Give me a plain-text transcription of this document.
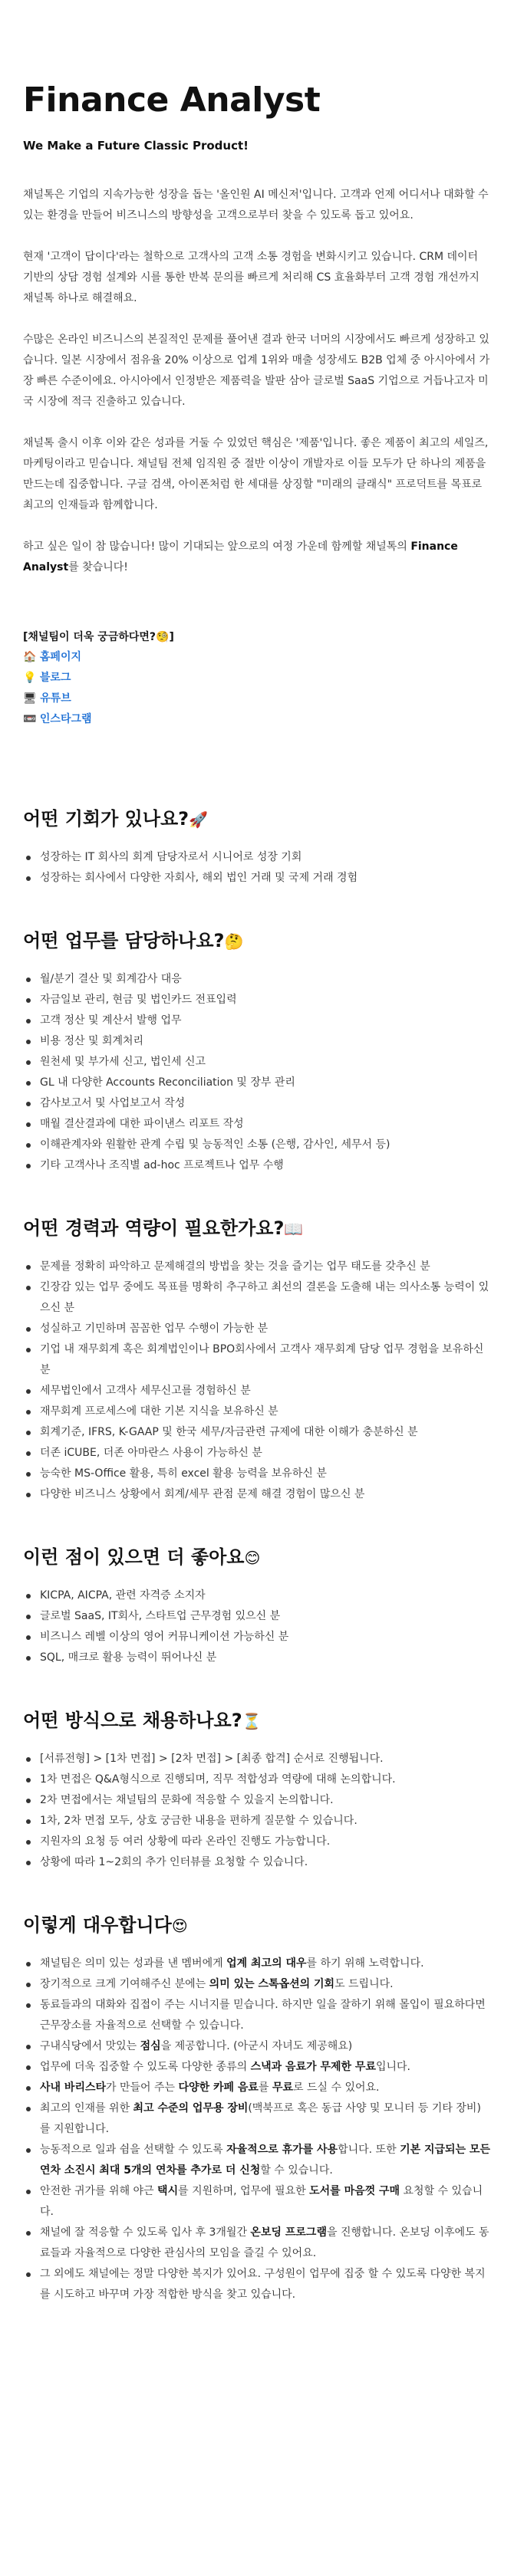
Finance Analyst
We Make a Future Classic Product!

채널톡은 기업의 지속가능한 성장을 돕는 '올인원 AI 메신저'입니다. 고객과 언제 어디서나 대화할 수 있는 환경을 만들어 비즈니스의 방향성을 고객으로부터 찾을 수 있도록 돕고 있어요.

현재 '고객이 답이다'라는 철학으로 고객사의 고객 소통 경험을 변화시키고 있습니다. CRM 데이터 기반의 상담 경험 설계와 시를 통한 반복 문의를 빠르게 처리해 CS 효율화부터 고객 경험 개선까지 채널톡 하나로 해결해요.

수많은 온라인 비즈니스의 본질적인 문제를 풀어낸 결과 한국 너머의 시장에서도 빠르게 성장하고 있습니다. 일본 시장에서 점유율 20% 이상으로 업계 1위와 매출 성장세도 B2B 업체 중 아시아에서 가장 빠른 수준이에요. 아시아에서 인정받은 제품력을 발판 삼아 글로벌 SaaS 기업으로 거듭나고자 미국 시장에 적극 진출하고 있습니다.

채널톡 출시 이후 이와 같은 성과를 거둘 수 있었던 핵심은 '제품'입니다. 좋은 제품이 최고의 세일즈, 마케팅이라고 믿습니다. 채널팀 전체 임직원 중 절반 이상이 개발자로 이들 모두가 단 하나의 제품을 만드는데 집중합니다. 구글 검색, 아이폰처럼 한 세대를 상징할 "미래의 클래식" 프로덕트를 목표로 최고의 인재들과 함께합니다.

하고 싶은 일이 참 많습니다! 많이 기대되는 앞으로의 여정 가운데 함께할 채널톡의 Finance Analyst를 찾습니다!

[채널팀이 더욱 궁금하다면?🧐]
🏠 홈페이지
💡 블로그
🖥 유튜브
📼 인스타그램
어떤 기회가 있나요?🚀
성장하는 IT 회사의 회계 담당자로서 시니어로 성장 기회
성장하는 회사에서 다양한 자회사, 해외 법인 거래 및 국제 거래 경험
어떤 업무를 담당하나요?🤔
월/분기 결산 및 회계감사 대응
자금일보 관리, 현금 및 법인카드 전표입력
고객 정산 및 계산서 발행 업무
비용 정산 및 회계처리
원천세 및 부가세 신고, 법인세 신고
GL 내 다양한 Accounts Reconciliation 및 장부 관리
감사보고서 및 사업보고서 작성
매월 결산결과에 대한 파이낸스 리포트 작성
이해관계자와 원활한 관계 수립 및 능동적인 소통 (은행, 감사인, 세무서 등)
기타 고객사나 조직별 ad-hoc 프로젝트나 업무 수행
어떤 경력과 역량이 필요한가요?📖
문제를 정확히 파악하고 문제해결의 방법을 찾는 것을 즐기는 업무 태도를 갖추신 분
긴장감 있는 업무 중에도 목표를 명확히 추구하고 최선의 결론을 도출해 내는 의사소통 능력이 있으신 분
성실하고 기민하며 꼼꼼한 업무 수행이 가능한 분
기업 내 재무회계 혹은 회계법인이나 BPO회사에서 고객사 재무회계 담당 업무 경험을 보유하신 분
세무법인에서 고객사 세무신고를 경험하신 분
재무회계 프로세스에 대한 기본 지식을 보유하신 분
회계기준, IFRS, K-GAAP 및 한국 세무/자금관련 규제에 대한 이해가 충분하신 분
더존 iCUBE, 더존 아마란스 사용이 가능하신 분
능숙한 MS-Office 활용, 특히 excel 활용 능력을 보유하신 분
다양한 비즈니스 상황에서 회계/세무 관점 문제 해결 경험이 많으신 분
이런 점이 있으면 더 좋아요😊
KICPA, AICPA, 관련 자격증 소지자
글로벌 SaaS, IT회사, 스타트업 근무경험 있으신 분
비즈니스 레벨 이상의 영어 커뮤니케이션 가능하신 분
SQL, 매크로 활용 능력이 뛰어나신 분
어떤 방식으로 채용하나요?⏳
[서류전형] > [1차 면접] > [2차 면접] > [최종 합격] 순서로 진행됩니다.
1차 면접은 Q&A형식으로 진행되며, 직무 적합성과 역량에 대해 논의합니다.
2차 면접에서는 채널팀의 문화에 적응할 수 있을지 논의합니다.
1차, 2차 면접 모두, 상호 궁금한 내용을 편하게 질문할 수 있습니다.
지원자의 요청 등 여러 상황에 따라 온라인 진행도 가능합니다.
상황에 따라 1~2회의 추가 인터뷰를 요청할 수 있습니다.
이렇게 대우합니다😍
채널팀은 의미 있는 성과를 낸 멤버에게 업계 최고의 대우를 하기 위해 노력합니다.
장기적으로 크게 기여해주신 분에는 의미 있는 스톡옵션의 기회도 드립니다.
동료들과의 대화와 집접이 주는 시너지를 믿습니다. 하지만 일을 잘하기 위해 몰입이 필요하다면 근무장소를 자율적으로 선택할 수 있습니다.
구내식당에서 맛있는 점심을 제공합니다. (아군시 자녀도 제공해요)
업무에 더욱 집중할 수 있도록 다양한 종류의 스낵과 음료가 무제한 무료입니다.
사내 바리스타가 만들어 주는 다양한 카페 음료를 무료로 드실 수 있어요.
최고의 인재를 위한 최고 수준의 업무용 장비(맥북프로 혹은 동급 사양 및 모니터 등 기타 장비)를 지원합니다.
능동적으로 일과 쉼을 선택할 수 있도록 자율적으로 휴가를 사용합니다. 또한 기본 지급되는 모든 연차 소진시 최대 5개의 연차를 추가로 더 신청할 수 있습니다.
안전한 귀가를 위해 야근 택시를 지원하며, 업무에 필요한 도서를 마음껏 구매 요청할 수 있습니다.
채널에 잘 적응할 수 있도록 입사 후 3개월간 온보딩 프로그램을 진행합니다. 온보딩 이후에도 동료들과 자율적으로 다양한 관심사의 모임을 즐길 수 있어요.
그 외에도 채널에는 정말 다양한 복지가 있어요. 구성원이 업무에 집중 할 수 있도록 다양한 복지를 시도하고 바꾸며 가장 적합한 방식을 찾고 있습니다.
